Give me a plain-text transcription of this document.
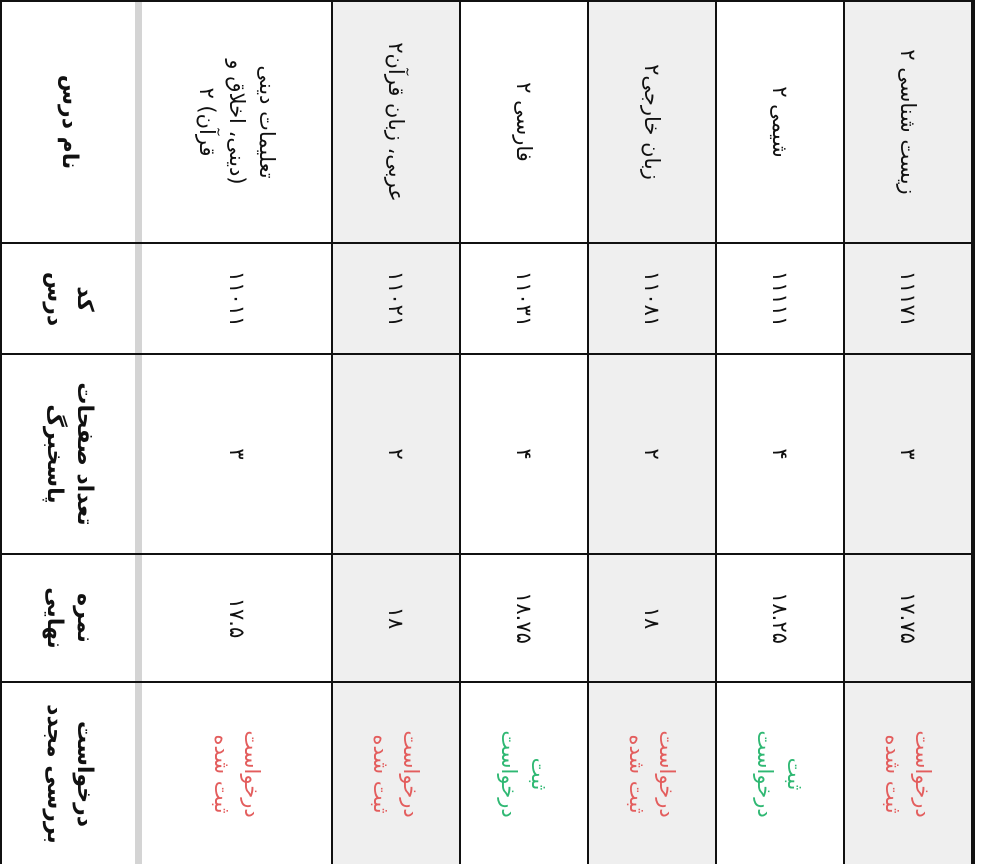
نام درس
کد
درس
تعداد صفحات
پاسخبرگ
نمره
نهایی
درخواست
بررسی مجدد
تعلیمات دینی
(دینی، اخلاق و
قرآن) ۲
۱۱۰۱۱
۳
۱۷.۵
درخواست
ثبت شده
عربی، زبان قرآن۲
۱۱۰۲۱
۲
۱۸
درخواست
ثبت شده
فارسی ۲
۱۱۰۳۱
۴
۱۸.۷۵
ثبت
درخواست
زبان خارجی۲
۱۱۰۸۱
۲
۱۸
درخواست
ثبت شده
شیمی ۲
۱۱۱۱۱
۴
۱۸.۲۵
ثبت
درخواست
زیست شناسی ۲
۱۱۱۷۱
۳
۱۷.۷۵
درخواست
ثبت شده
